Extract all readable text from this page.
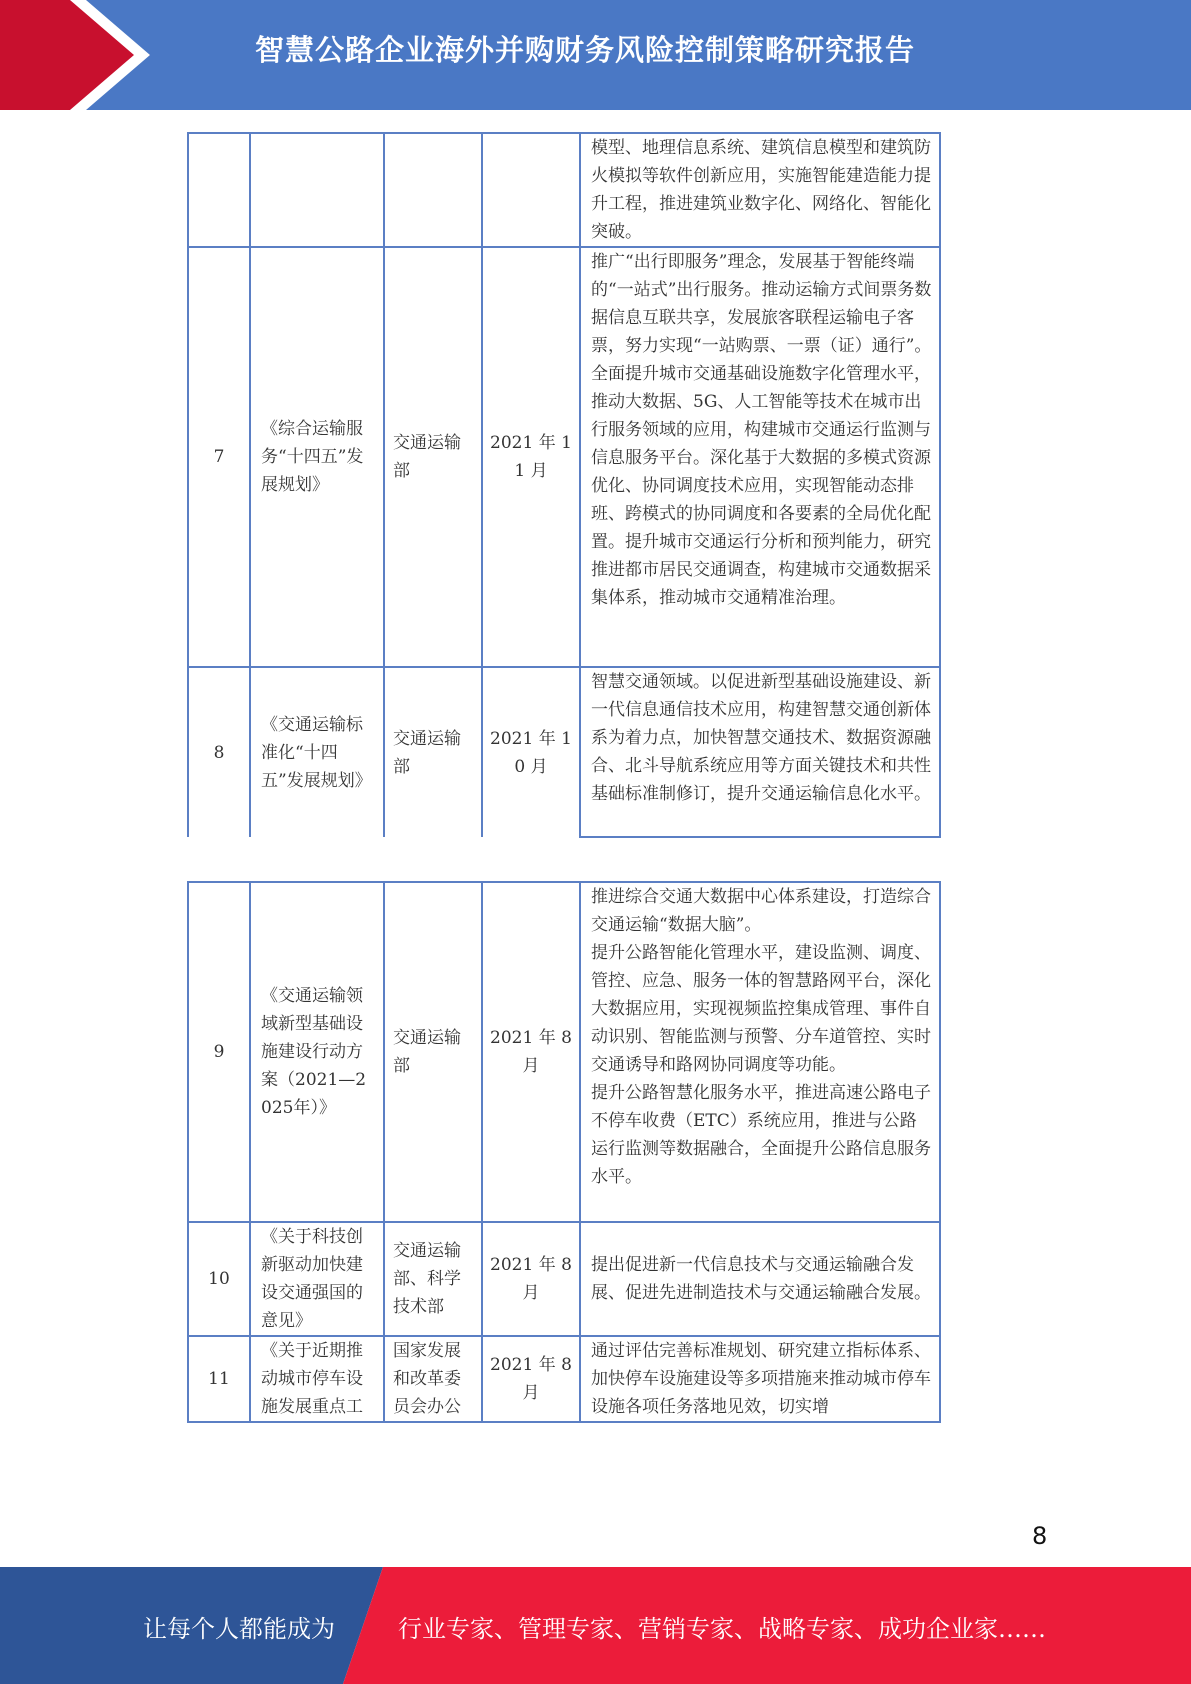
智慧公路企业海外并购财务风险控制策略研究报告

				模型、地理信息系统、建筑信息模型和建筑防火模拟等软件创新应用，实施智能建造能力提升工程，推进建筑业数字化、网络化、智能化突破。

7	《综合运输服务“十四五”发展规划》	交通运输部	2021 年 11 月	推广“出行即服务”理念，发展基于智能终端的“一站式”出行服务。推动运输方式间票务数据信息互联共享，发展旅客联程运输电子客票，努力实现“一站购票、一票（证）通行”。

全面提升城市交通基础设施数字化管理水平，推动大数据、5G、人工智能等技术在城市出行服务领域的应用，构建城市交通运行监测与信息服务平台。深化基于大数据的多模式资源优化、协同调度技术应用，实现智能动态排班、跨模式的协同调度和各要素的全局优化配置。提升城市交通运行分析和预判能力，研究推进都市居民交通调查，构建城市交通数据采集体系，推动城市交通精准治理。

8	《交通运输标准化“十四五”发展规划》	交通运输部	2021 年 10 月	智慧交通领域。以促进新型基础设施建设、新一代信息通信技术应用，构建智慧交通创新体系为着力点，加快智慧交通技术、数据资源融合、北斗导航系统应用等方面关键技术和共性基础标准制修订，提升交通运输信息化水平。

9	《交通运输领域新型基础设施建设行动方案（2021—2025年）》	交通运输部	2021 年 8 月	推进综合交通大数据中心体系建设，打造综合交通运输“数据大脑”。

提升公路智能化管理水平，建设监测、调度、管控、应急、服务一体的智慧路网平台，深化大数据应用，实现视频监控集成管理、事件自动识别、智能监测与预警、分车道管控、实时交通诱导和路网协同调度等功能。

提升公路智慧化服务水平，推进高速公路电子不停车收费（ETC）系统应用，推进与公路运行监测等数据融合，全面提升公路信息服务水平。

10	《关于科技创新驱动加快建设交通强国的意见》	交通运输部、科学技术部	2021 年 8 月	提出促进新一代信息技术与交通运输融合发展、促进先进制造技术与交通运输融合发展。

11	《关于近期推动城市停车设施发展重点工	国家发展和改革委员会办公	2021 年 8 月	通过评估完善标准规划、研究建立指标体系、加快停车设施建设等多项措施来推动城市停车设施各项任务落地见效，切实增

8
让每个人都能成为	行业专家、管理专家、营销专家、战略专家、成功企业家……
